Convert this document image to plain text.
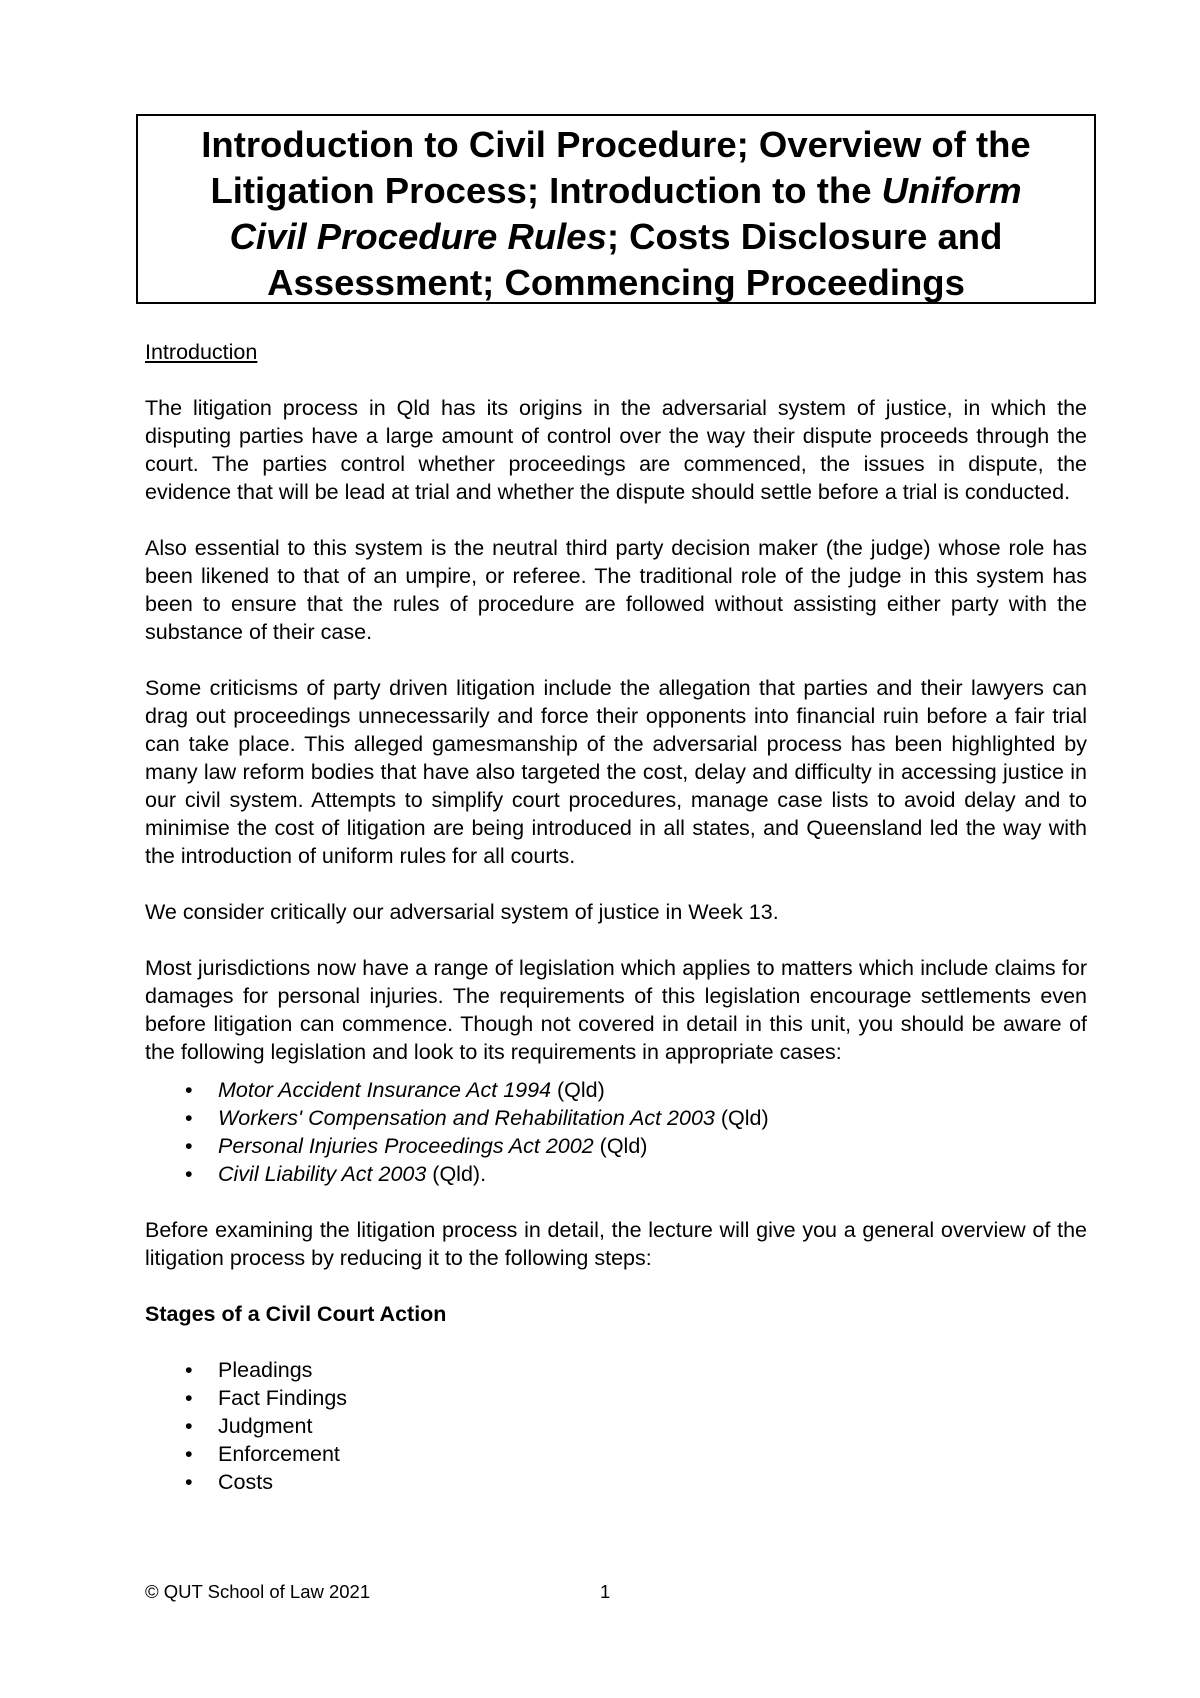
Introduction to Civil Procedure; Overview of the
Litigation Process; Introduction to the Uniform
Civil Procedure Rules; Costs Disclosure and
Assessment; Commencing Proceedings
Introduction

The litigation process in Qld has its origins in the adversarial system of justice, in which the disputing parties have a large amount of control over the way their dispute proceeds through the court. The parties control whether proceedings are commenced, the issues in dispute, the evidence that will be lead at trial and whether the dispute should settle before a trial is conducted.

Also essential to this system is the neutral third party decision maker (the judge) whose role has been likened to that of an umpire, or referee. The traditional role of the judge in this system has been to ensure that the rules of procedure are followed without assisting either party with the substance of their case.

Some criticisms of party driven litigation include the allegation that parties and their lawyers can drag out proceedings unnecessarily and force their opponents into financial ruin before a fair trial can take place. This alleged gamesmanship of the adversarial process has been highlighted by many law reform bodies that have also targeted the cost, delay and difficulty in accessing justice in our civil system. Attempts to simplify court procedures, manage case lists to avoid delay and to minimise the cost of litigation are being introduced in all states, and Queensland led the way with the introduction of uniform rules for all courts.

We consider critically our adversarial system of justice in Week 13.

Most jurisdictions now have a range of legislation which applies to matters which include claims for damages for personal injuries. The requirements of this legislation encourage settlements even before litigation can commence. Though not covered in detail in this unit, you should be aware of the following legislation and look to its requirements in appropriate cases:

• Motor Accident Insurance Act 1994 (Qld)
• Workers' Compensation and Rehabilitation Act 2003 (Qld)
• Personal Injuries Proceedings Act 2002 (Qld)
• Civil Liability Act 2003 (Qld).

Before examining the litigation process in detail, the lecture will give you a general overview of the litigation process by reducing it to the following steps:

Stages of a Civil Court Action
• Pleadings
• Fact Findings
• Judgment
• Enforcement
• Costs
© QUT School of Law 2021	1
